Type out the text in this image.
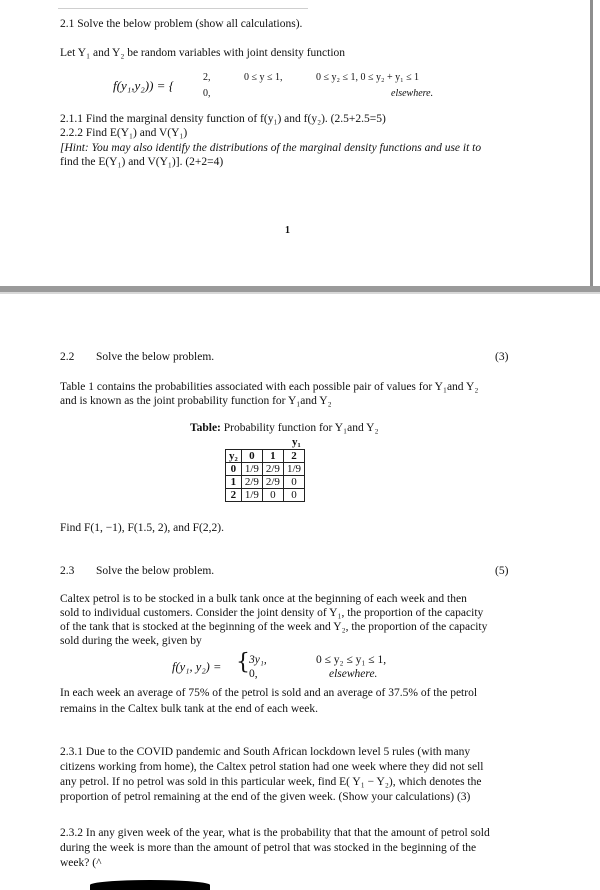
2.1 Solve the below problem (show all calculations).
Let Y₁ and Y₂ be random variables with joint density function
f(y₁,y₂)) = {
2,	0 ≤ y ≤ 1,	0 ≤ y₂ ≤ 1, 0 ≤ y₂ + y₁ ≤ 1
0,	elsewhere.
2.1.1 Find the marginal density function of f(y₁) and f(y₂). (2.5+2.5=5)
2.2.2 Find E(Y₁) and V(Y₁)
[Hint: You may also identify the distributions of the marginal density functions and use it to
find the E(Y₁) and V(Y₁)]. (2+2=4)
1
2.2 Solve the below problem.	(3)
Table 1 contains the probabilities associated with each possible pair of values for Y₁and Y₂
and is known as the joint probability function for Y₁and Y₂
Table: Probability function for Y₁and Y₂
y₁
y₂	0	1	2
0	1/9	2/9	1/9
1	2/9	2/9	0
2	1/9	0	0
Find F(1, −1), F(1.5, 2), and F(2,2).
2.3 Solve the below problem.	(5)
Caltex petrol is to be stocked in a bulk tank once at the beginning of each week and then
sold to individual customers. Consider the joint density of Y₁, the proportion of the capacity
of the tank that is stocked at the beginning of the week and Y₂, the proportion of the capacity
sold during the week, given by
f(y₁, y₂) = { 3y₁,	0 ≤ y₂ ≤ y₁ ≤ 1,
0,	elsewhere.
In each week an average of 75% of the petrol is sold and an average of 37.5% of the petrol
remains in the Caltex bulk tank at the end of each week.
2.3.1 Due to the COVID pandemic and South African lockdown level 5 rules (with many
citizens working from home), the Caltex petrol station had one week where they did not sell
any petrol. If no petrol was sold in this particular week, find E( Y₁ − Y₂), which denotes the
proportion of petrol remaining at the end of the given week. (Show your calculations) (3)
2.3.2 In any given week of the year, what is the probability that that the amount of petrol sold
during the week is more than the amount of petrol that was stocked in the beginning of the
week? (^
